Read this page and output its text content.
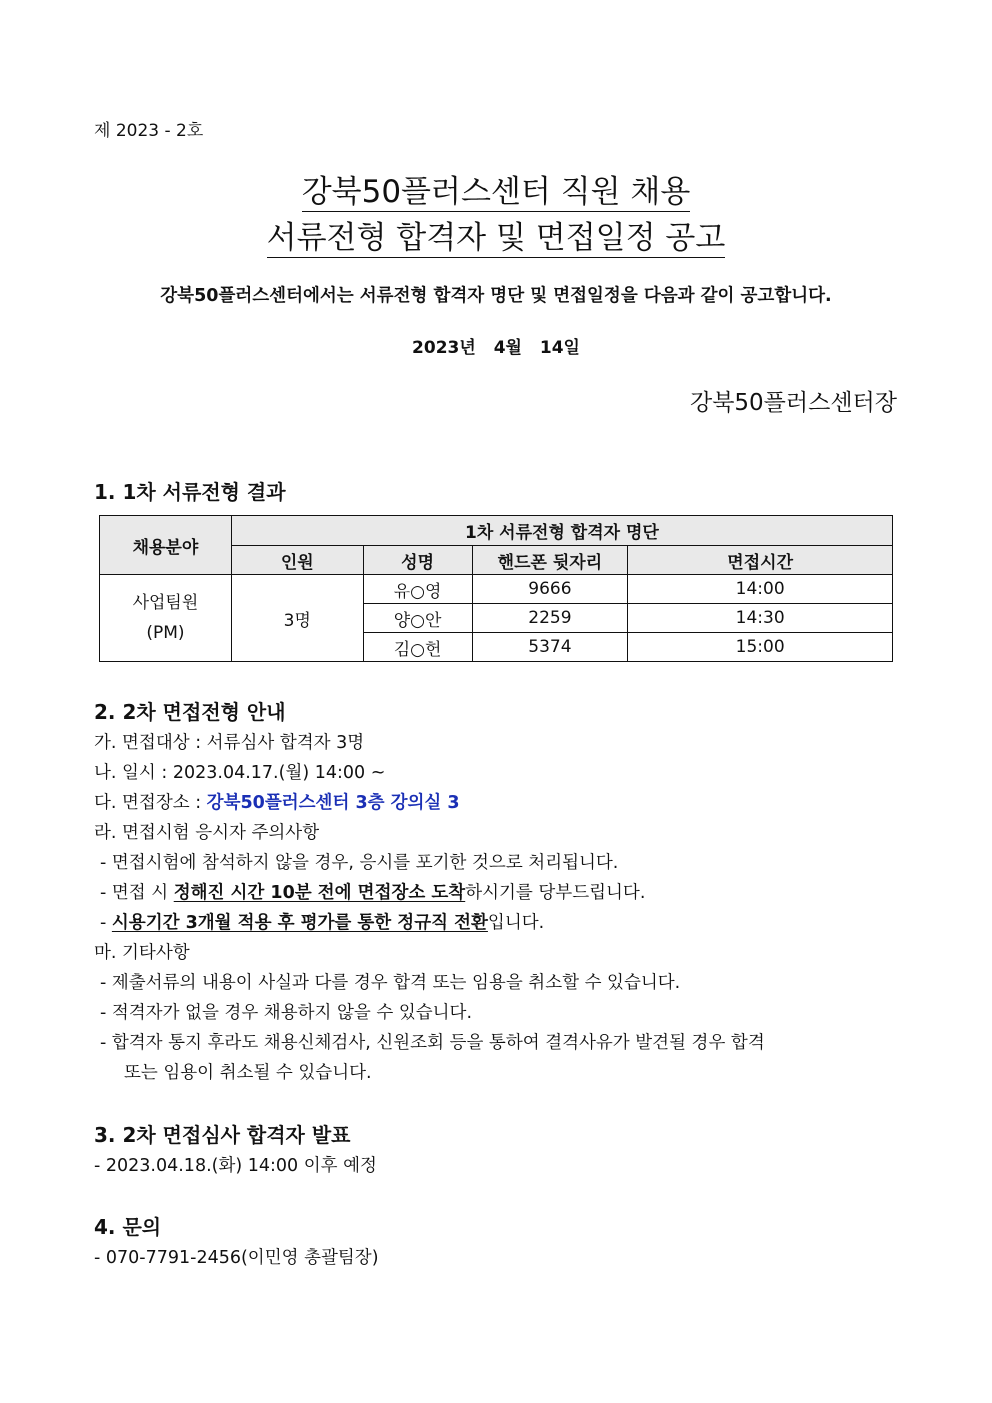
제 2023 - 2호
강북50플러스센터 직원 채용
서류전형 합격자 및 면접일정 공고
강북50플러스센터에서는 서류전형 합격자 명단 및 면접일정을 다음과 같이 공고합니다.
2023년 4월 14일
강북50플러스센터장
1. 1차 서류전형 결과
채용분야	1차 서류전형 합격자 명단			
	인원	성명	핸드폰 뒷자리	면접시간
사업팀원
(PM)	3명	유○영	9666	14:00
		양○안	2259	14:30
		김○헌	5374	15:00
2. 2차 면접전형 안내
가. 면접대상 : 서류심사 합격자 3명
나. 일시 : 2023.04.17.(월) 14:00 ~
다. 면접장소 : 강북50플러스센터 3층 강의실 3
라. 면접시험 응시자 주의사항
- 면접시험에 참석하지 않을 경우, 응시를 포기한 것으로 처리됩니다.
- 면접 시 정해진 시간 10분 전에 면접장소 도착하시기를 당부드립니다.
- 시용기간 3개월 적용 후 평가를 통한 정규직 전환입니다.
마. 기타사항
- 제출서류의 내용이 사실과 다를 경우 합격 또는 임용을 취소할 수 있습니다.
- 적격자가 없을 경우 채용하지 않을 수 있습니다.
- 합격자 통지 후라도 채용신체검사, 신원조회 등을 통하여 결격사유가 발견될 경우 합격
또는 임용이 취소될 수 있습니다.
3. 2차 면접심사 합격자 발표
- 2023.04.18.(화) 14:00 이후 예정
4. 문의
- 070-7791-2456(이민영 총괄팀장)
